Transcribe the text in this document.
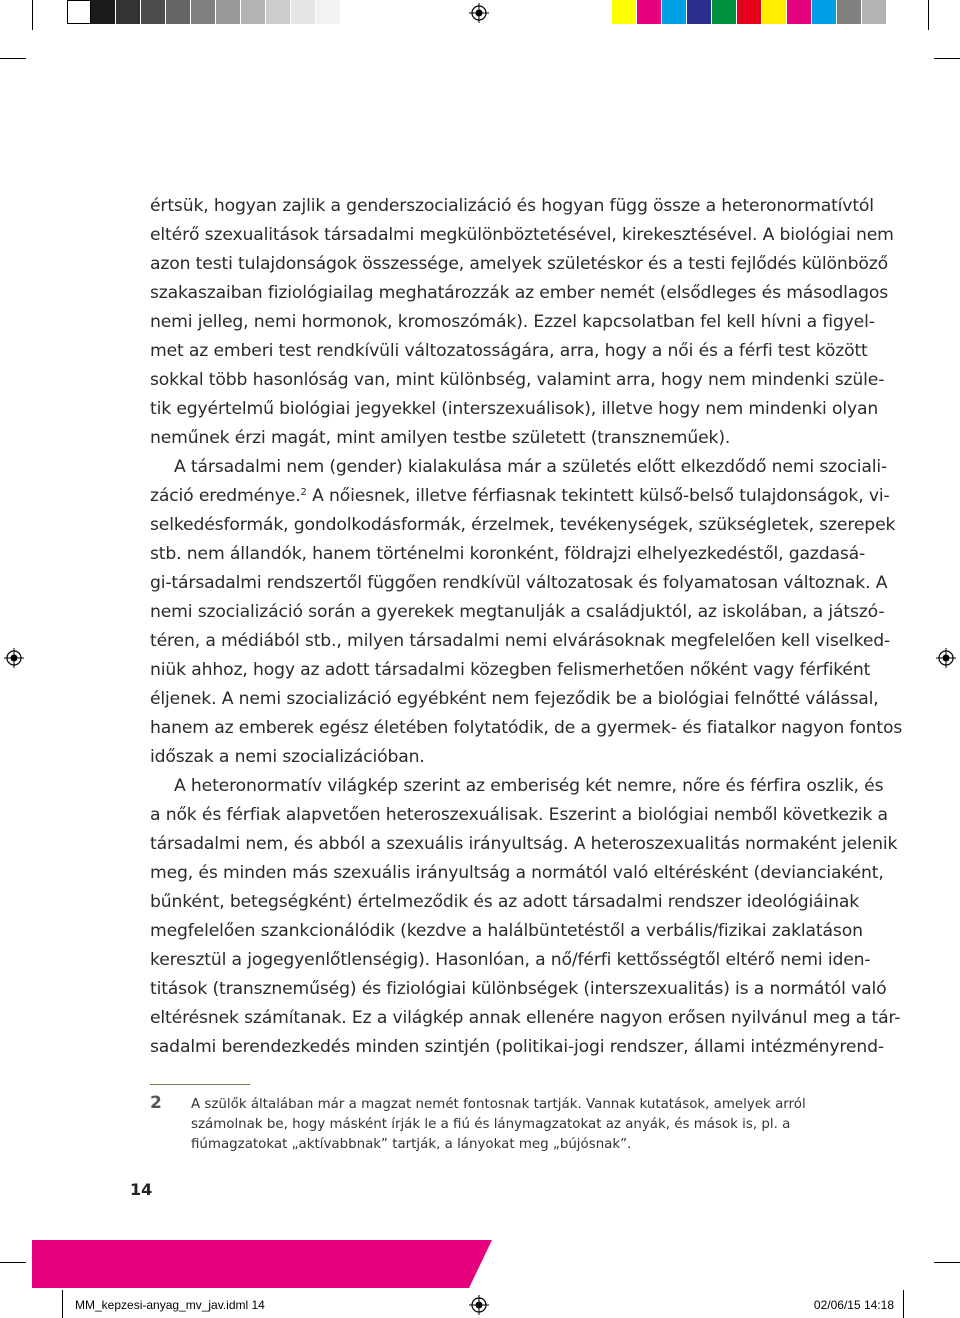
értsük, hogyan zajlik a genderszocializáció és hogyan függ össze a heteronormatívtól
eltérő szexualitások társadalmi megkülönböztetésével, kirekesztésével. A biológiai nem
azon testi tulajdonságok összessége, amelyek születéskor és a testi fejlődés különböző
szakaszaiban fiziológiailag meghatározzák az ember nemét (elsődleges és másodlagos
nemi jelleg, nemi hormonok, kromoszómák). Ezzel kapcsolatban fel kell hívni a figyel-
met az emberi test rendkívüli változatosságára, arra, hogy a női és a férfi test között
sokkal több hasonlóság van, mint különbség, valamint arra, hogy nem mindenki szüle-
tik egyértelmű biológiai jegyekkel (interszexuálisok), illetve hogy nem mindenki olyan
neműnek érzi magát, mint amilyen testbe született (transzneműek).
A társadalmi nem (gender) kialakulása már a születés előtt elkezdődő nemi szociali-
záció eredménye.$^2$ A nőiesnek, illetve férfiasnak tekintett külső-belső tulajdonságok, vi-
selkedésformák, gondolkodásformák, érzelmek, tevékenységek, szükségletek, szerepek
stb. nem állandók, hanem történelmi koronként, földrajzi elhelyezkedéstől, gazdasá-
gi-társadalmi rendszertől függően rendkívül változatosak és folyamatosan változnak. A
nemi szocializáció során a gyerekek megtanulják a családjuktól, az iskolában, a játszó-
téren, a médiából stb., milyen társadalmi nemi elvárásoknak megfelelően kell viselked-
niük ahhoz, hogy az adott társadalmi közegben felismerhetően nőként vagy férfiként
éljenek. A nemi szocializáció egyébként nem fejeződik be a biológiai felnőtté válással,
hanem az emberek egész életében folytatódik, de a gyermek- és fiatalkor nagyon fontos
időszak a nemi szocializációban.
A heteronormatív világkép szerint az emberiség két nemre, nőre és férfira oszlik, és
a nők és férfiak alapvetően heteroszexuálisak. Eszerint a biológiai nemből következik a
társadalmi nem, és abból a szexuális irányultság. A heteroszexualitás normaként jelenik
meg, és minden más szexuális irányultság a normától való eltérésként (devianciaként,
bűnként, betegségként) értelmeződik és az adott társadalmi rendszer ideológiáinak
megfelelően szankcionálódik (kezdve a halálbüntetéstől a verbális/fizikai zaklatáson
keresztül a jogegyenlőtlenségig). Hasonlóan, a nő/férfi kettősségtől eltérő nemi iden-
titások (transzneműség) és fiziológiai különbségek (interszexualitás) is a normától való
eltérésnek számítanak. Ez a világkép annak ellenére nagyon erősen nyilvánul meg a tár-
sadalmi berendezkedés minden szintjén (politikai-jogi rendszer, állami intézményrend-
2 A szülők általában már a magzat nemét fontosnak tartják. Vannak kutatások, amelyek arról számolnak be, hogy másként írják le a fiú és lánymagzatokat az anyák, és mások is, pl. a fiúmagzatokat „aktívabbnak” tartják, a lányokat meg „bújósnak”.
14
MM_kepzesi-anyag_mv_jav.idml 14	02/06/15 14:18
